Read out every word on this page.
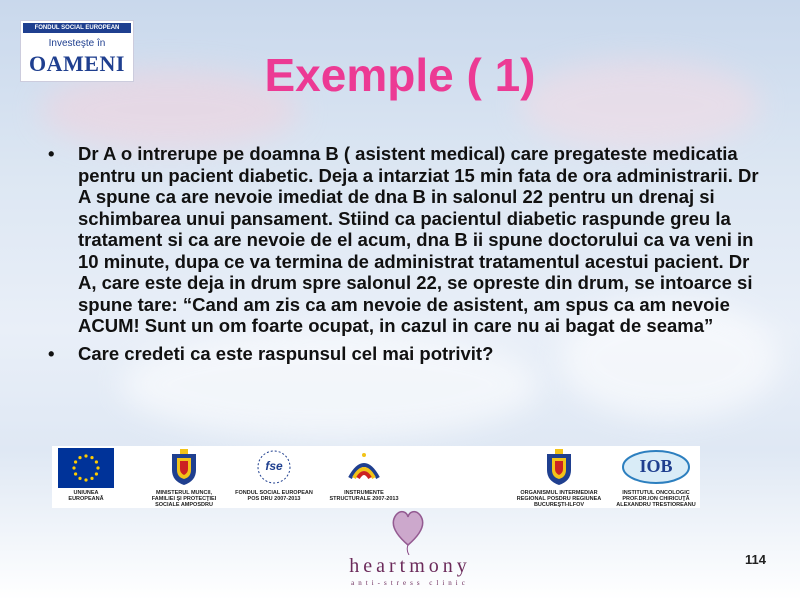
FONDUL SOCIAL EUROPEAN
Investeşte în
OAMENI	Exemple ( 1)
•	Dr A o intrerupe pe doamna B ( asistent medical) care pregateste medicatia pentru un pacient diabetic. Deja a intarziat 15 min fata de ora administrarii. Dr A spune ca are nevoie imediat de dna B in salonul 22 pentru un drenaj si schimbarea unui pansament. Stiind ca pacientul diabetic raspunde greu la tratament si ca are nevoie de el acum, dna B ii spune doctorului ca va veni in 10 minute, dupa ce va termina de administrat tratamentul acestui pacient. Dr A, care este deja in drum spre salonul 22, se opreste din drum, se intoarce si spune tare: “Cand am zis ca am nevoie de asistent, am spus ca am nevoie ACUM! Sunt un om foarte ocupat, in cazul in care nu ai bagat de seama”
•	Care credeti ca este raspunsul cel mai potrivit?
UNIUNEA EUROPEANĂ
MINISTERUL MUNCII, FAMILIEI ŞI PROTECŢIEI SOCIALE AMPOSDRU
fse
FONDUL SOCIAL EUROPEAN POS DRU 2007-2013
INSTRUMENTE STRUCTURALE 2007-2013
ORGANISMUL INTERMEDIAR REGIONAL POSDRU REGIUNEA BUCUREŞTI-ILFOV
IOB
INSTITUTUL ONCOLOGIC PROF.DR.ION CHIRICUŢĂ ALEXANDRU TRESTIOREANU
heartmony
anti-stress clinic
114
